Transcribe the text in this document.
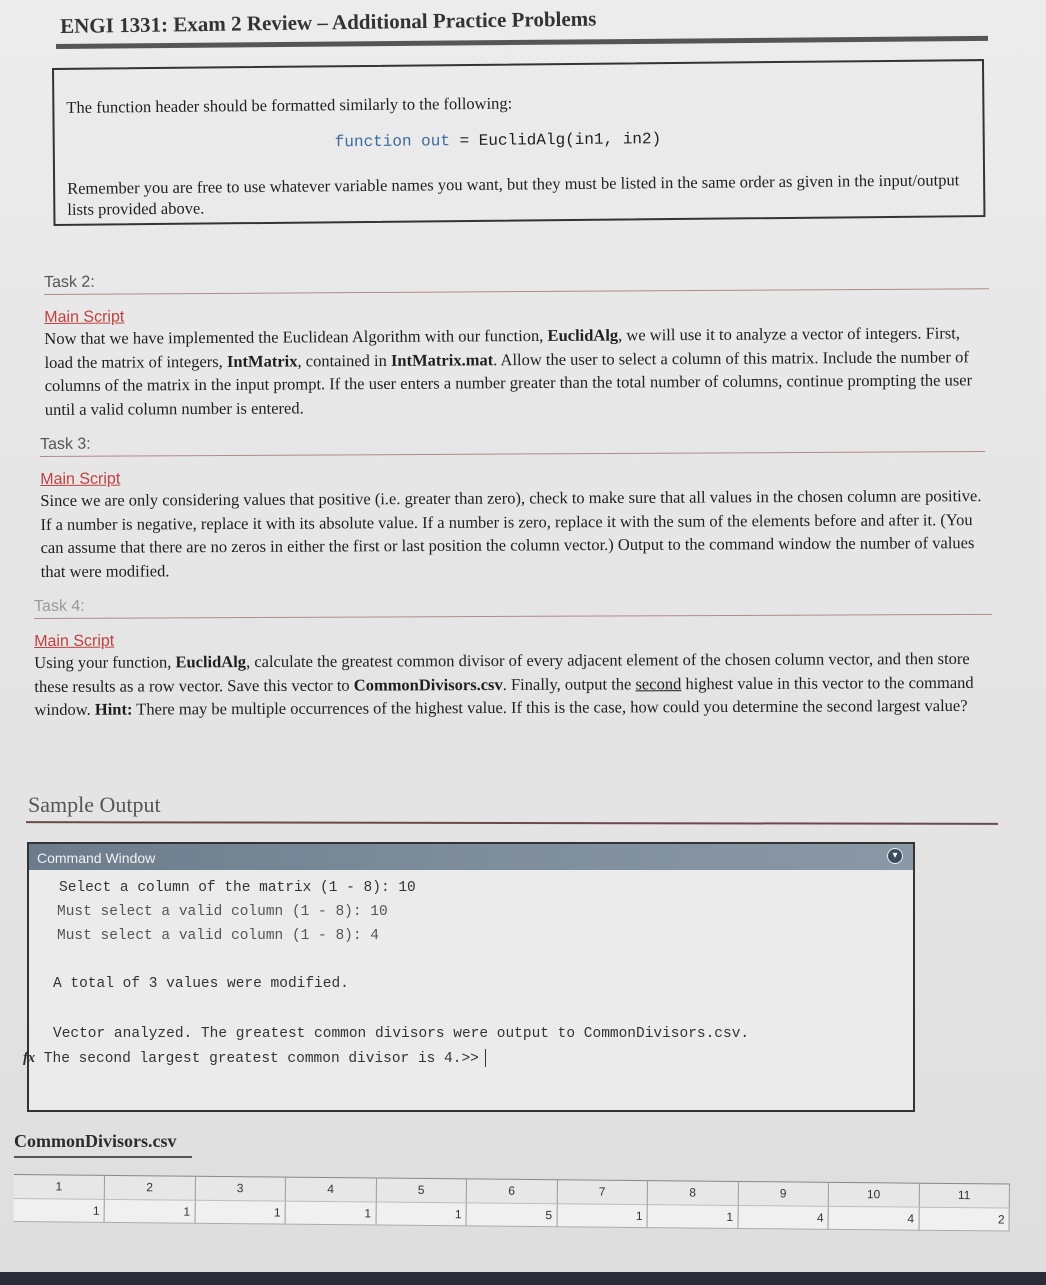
ENGI 1331: Exam 2 Review – Additional Practice Problems

The function header should be formatted similarly to the following:

function out = EuclidAlg(in1, in2)

Remember you are free to use whatever variable names you want, but they must be listed in the same order as given in the input/output lists provided above.

Task 2:
Main Script

Now that we have implemented the Euclidean Algorithm with our function, EuclidAlg, we will use it to analyze a vector of integers. First, load the matrix of integers, IntMatrix, contained in IntMatrix.mat. Allow the user to select a column of this matrix. Include the number of columns of the matrix in the input prompt. If the user enters a number greater than the total number of columns, continue prompting the user until a valid column number is entered.

Task 3:
Main Script

Since we are only considering values that positive (i.e. greater than zero), check to make sure that all values in the chosen column are positive. If a number is negative, replace it with its absolute value. If a number is zero, replace it with the sum of the elements before and after it. (You can assume that there are no zeros in either the first or last position the column vector.) Output to the command window the number of values that were modified.

Task 4:
Main Script

Using your function, EuclidAlg, calculate the greatest common divisor of every adjacent element of the chosen column vector, and then store these results as a row vector. Save this vector to CommonDivisors.csv. Finally, output the second highest value in this vector to the command window. Hint: There may be multiple occurrences of the highest value. If this is the case, how could you determine the second largest value?

Sample Output
Command Window	▾
Select a column of the matrix (1 - 8): 10
Must select a valid column (1 - 8): 10
Must select a valid column (1 - 8): 4
A total of 3 values were modified.
Vector analyzed. The greatest common divisors were output to CommonDivisors.csv.
fx The second largest greatest common divisor is 4.>>
CommonDivisors.csv
1	2	3	4	5	6	7	8	9	10	11
1	1	1	1	1	5	1	1	4	4	2
